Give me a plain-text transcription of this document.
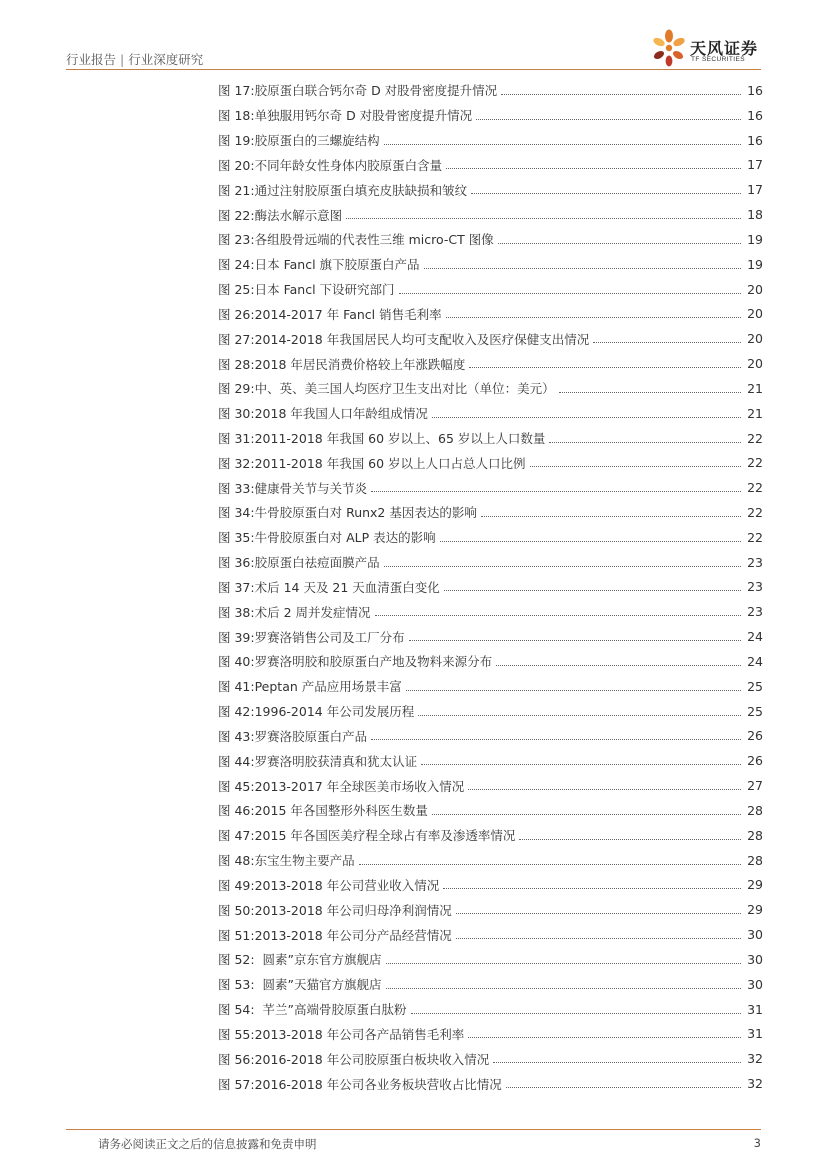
行业报告 | 行业深度研究
天风证券
TF SECURITIES
图 17: 胶原蛋白联合钙尔奇 D 对股骨密度提升情况	16
图 18: 单独服用钙尔奇 D 对股骨密度提升情况	16
图 19: 胶原蛋白的三螺旋结构	16
图 20: 不同年龄女性身体内胶原蛋白含量	17
图 21: 通过注射胶原蛋白填充皮肤缺损和皱纹	17
图 22: 酶法水解示意图	18
图 23: 各组股骨远端的代表性三维 micro-CT 图像	19
图 24: 日本 Fancl 旗下胶原蛋白产品	19
图 25: 日本 Fancl 下设研究部门	20
图 26: 2014-2017 年 Fancl 销售毛利率	20
图 27: 2014-2018 年我国居民人均可支配收入及医疗保健支出情况	20
图 28: 2018 年居民消费价格较上年涨跌幅度	20
图 29: 中、英、美三国人均医疗卫生支出对比（单位：美元）	21
图 30: 2018 年我国人口年龄组成情况	21
图 31: 2011-2018 年我国 60 岁以上、65 岁以上人口数量	22
图 32: 2011-2018 年我国 60 岁以上人口占总人口比例	22
图 33: 健康骨关节与关节炎	22
图 34: 牛骨胶原蛋白对 Runx2 基因表达的影响	22
图 35: 牛骨胶原蛋白对 ALP 表达的影响	22
图 36: 胶原蛋白祛痘面膜产品	23
图 37: 术后 14 天及 21 天血清蛋白变化	23
图 38: 术后 2 周并发症情况	23
图 39: 罗赛洛销售公司及工厂分布	24
图 40: 罗赛洛明胶和胶原蛋白产地及物料来源分布	24
图 41: Peptan 产品应用场景丰富	25
图 42: 1996-2014 年公司发展历程	25
图 43: 罗赛洛胶原蛋白产品	26
图 44: 罗赛洛明胶获清真和犹太认证	26
图 45: 2013-2017 年全球医美市场收入情况	27
图 46: 2015 年各国整形外科医生数量	28
图 47: 2015 年各国医美疗程全球占有率及渗透率情况	28
图 48: 东宝生物主要产品	28
图 49: 2013-2018 年公司营业收入情况	29
图 50: 2013-2018 年公司归母净利润情况	29
图 51: 2013-2018 年公司分产品经营情况	30
图 52: 圆素”京东官方旗舰店	30
图 53: 圆素”天猫官方旗舰店	30
图 54: 芊兰”高端骨胶原蛋白肽粉	31
图 55: 2013-2018 年公司各产品销售毛利率	31
图 56: 2016-2018 年公司胶原蛋白板块收入情况	32
图 57: 2016-2018 年公司各业务板块营收占比情况	32
请务必阅读正文之后的信息披露和免责申明	3
